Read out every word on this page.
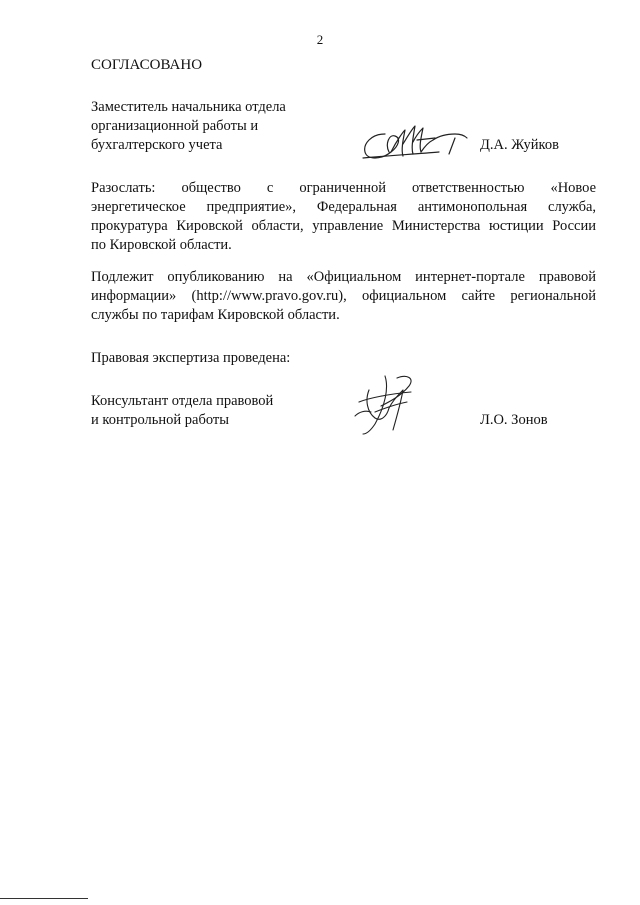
2
СОГЛАСОВАНО
Заместитель начальника отдела
организационной работы и
бухгалтерского учета	Д.А. Жуйков
Разослать: общество с ограниченной ответственностью «Новое
энергетическое предприятие», Федеральная антимонопольная служба,
прокуратура Кировской области, управление Министерства юстиции России
по Кировской области.
Подлежит опубликованию на «Официальном интернет-портале правовой
информации» (http://www.pravo.gov.ru), официальном сайте региональной
службы по тарифам Кировской области.
Правовая экспертиза проведена:
Консультант отдела правовой
и контрольной работы	Л.О. Зонов
